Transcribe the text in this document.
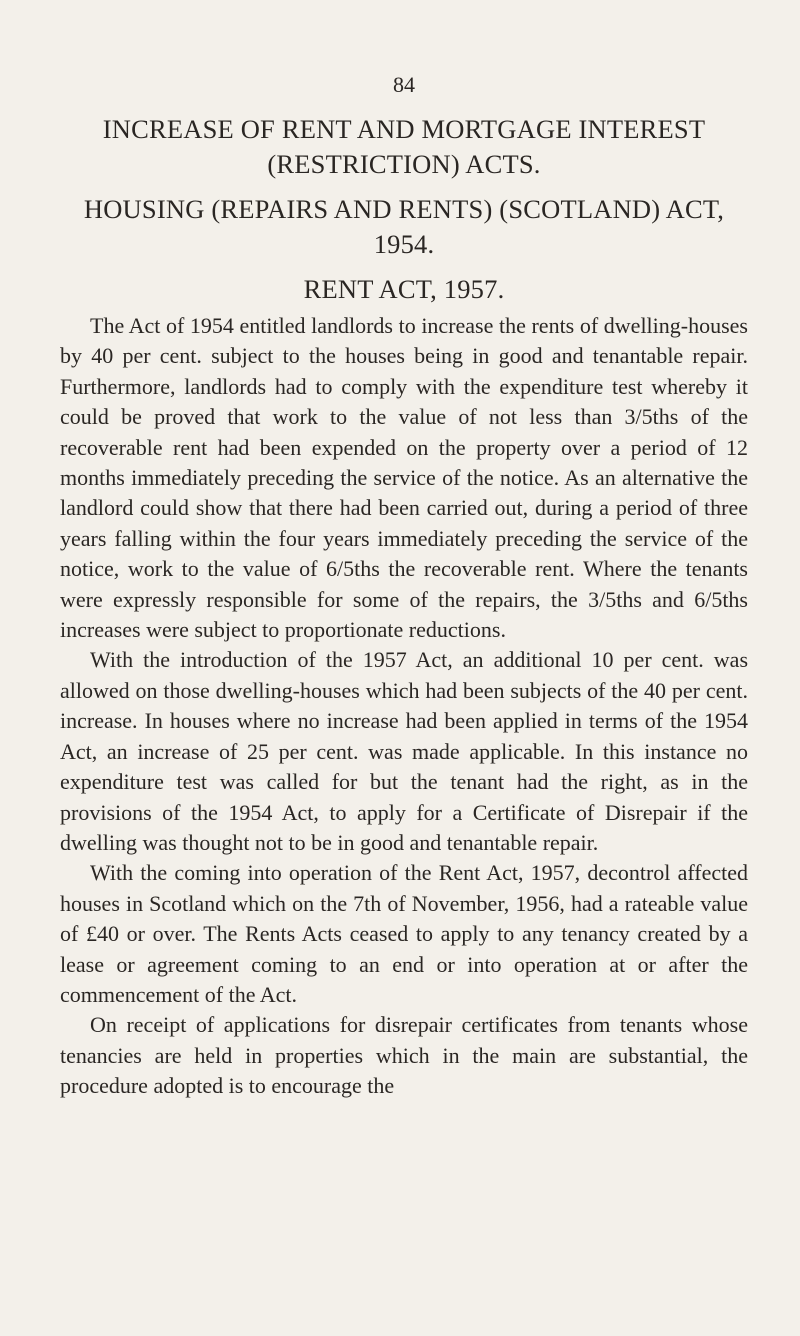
84

INCREASE OF RENT AND MORTGAGE INTEREST (RESTRICTION) ACTS.

HOUSING (REPAIRS AND RENTS) (SCOTLAND) ACT, 1954.

RENT ACT, 1957.

The Act of 1954 entitled landlords to increase the rents of dwelling-houses by 40 per cent. subject to the houses being in good and tenantable repair. Furthermore, landlords had to comply with the expenditure test whereby it could be proved that work to the value of not less than 3/5ths of the recoverable rent had been expended on the property over a period of 12 months immediately preceding the service of the notice. As an alternative the landlord could show that there had been carried out, during a period of three years falling within the four years immediately preceding the service of the notice, work to the value of 6/5ths the recoverable rent. Where the tenants were expressly responsible for some of the repairs, the 3/5ths and 6/5ths increases were subject to proportionate reductions.

With the introduction of the 1957 Act, an additional 10 per cent. was allowed on those dwelling-houses which had been subjects of the 40 per cent. increase. In houses where no increase had been applied in terms of the 1954 Act, an increase of 25 per cent. was made applicable. In this instance no expenditure test was called for but the tenant had the right, as in the provisions of the 1954 Act, to apply for a Certificate of Disrepair if the dwelling was thought not to be in good and tenantable repair.

With the coming into operation of the Rent Act, 1957, decontrol affected houses in Scotland which on the 7th of November, 1956, had a rateable value of £40 or over. The Rents Acts ceased to apply to any tenancy created by a lease or agreement coming to an end or into operation at or after the commencement of the Act.

On receipt of applications for disrepair certificates from tenants whose tenancies are held in properties which in the main are substantial, the procedure adopted is to encourage the
